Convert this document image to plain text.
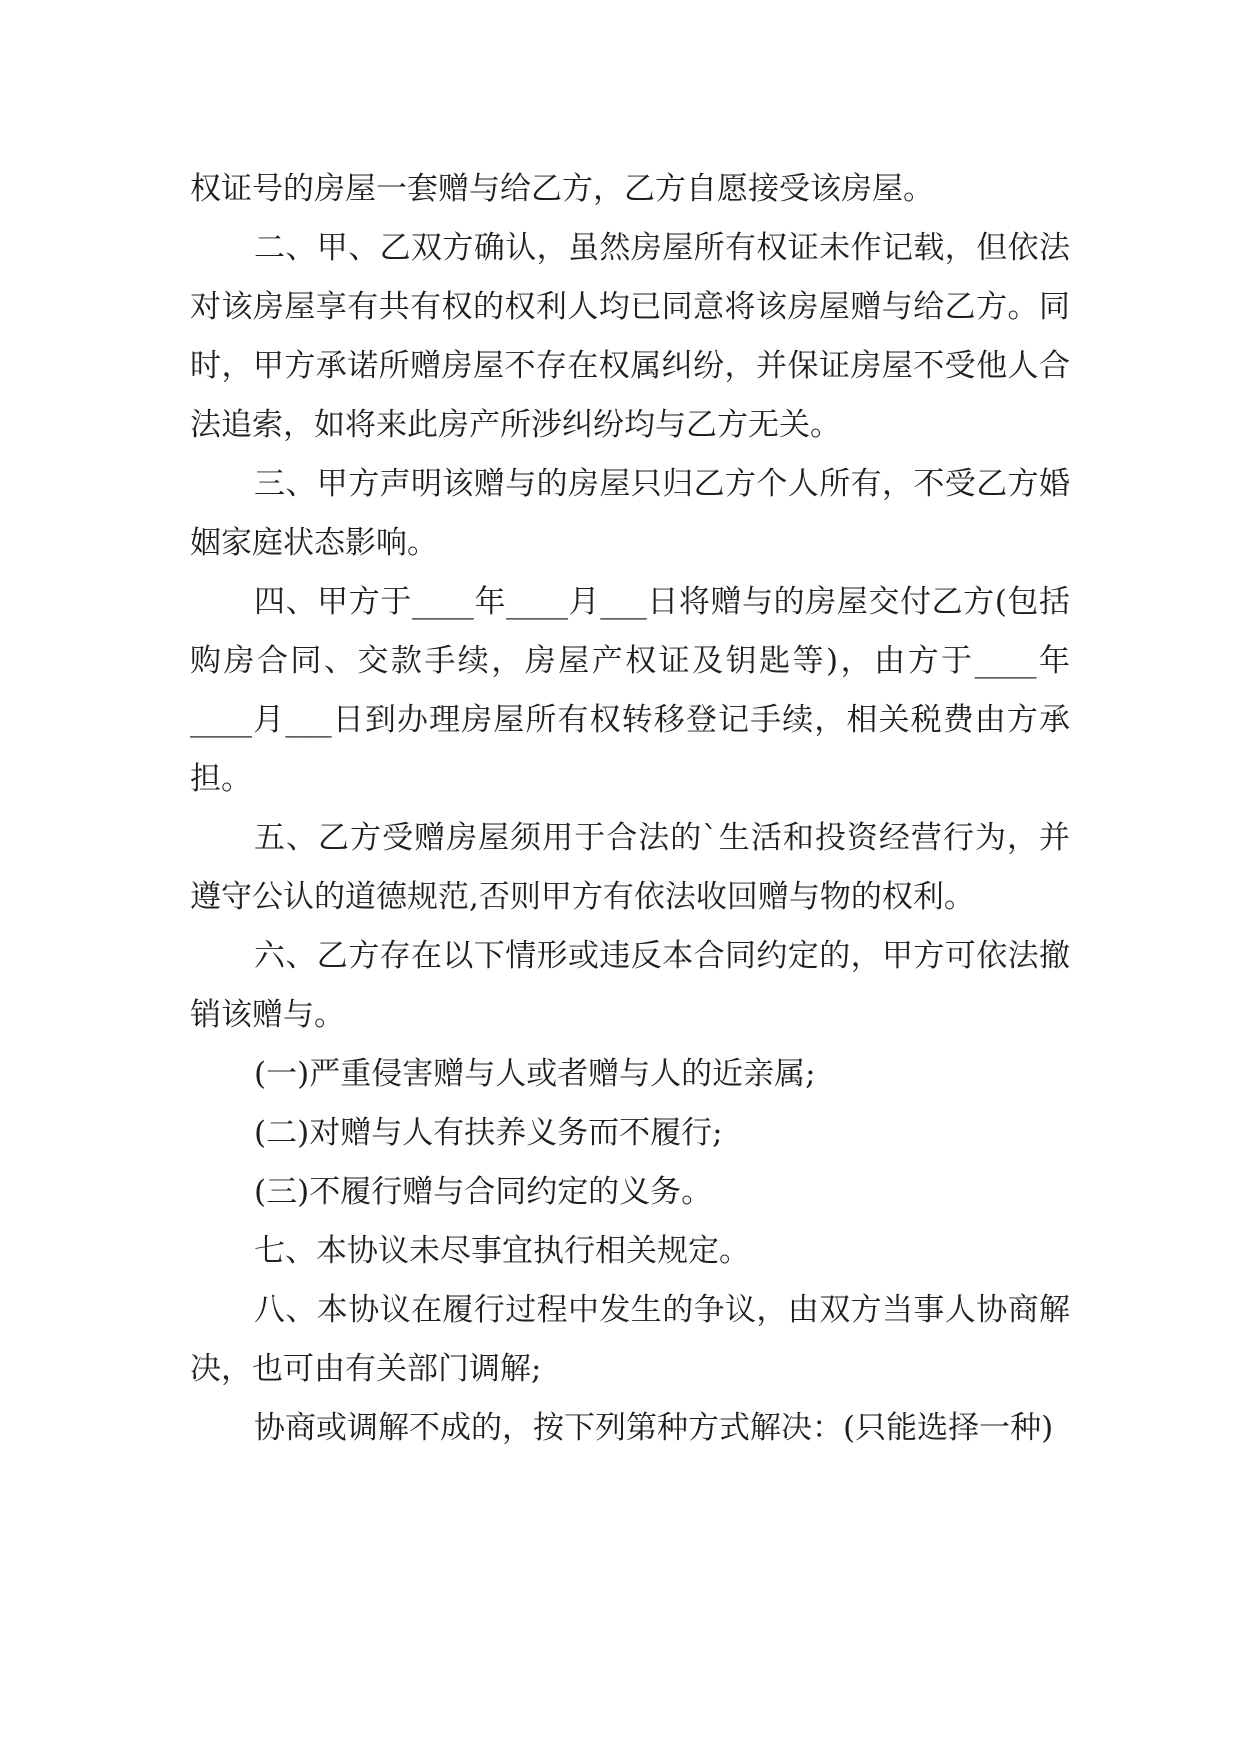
权证号的房屋一套赠与给乙方，乙方自愿接受该房屋。

二、甲、乙双方确认，虽然房屋所有权证未作记载，但依法对该房屋享有共有权的权利人均已同意将该房屋赠与给乙方。同时，甲方承诺所赠房屋不存在权属纠纷，并保证房屋不受他人合法追索，如将来此房产所涉纠纷均与乙方无关。

三、甲方声明该赠与的房屋只归乙方个人所有，不受乙方婚姻家庭状态影响。

四、甲方于____年____月___日将赠与的房屋交付乙方(包括购房合同、交款手续，房屋产权证及钥匙等)，由方于____年____月___日到办理房屋所有权转移登记手续，相关税费由方承担。

五、乙方受赠房屋须用于合法的`生活和投资经营行为，并遵守公认的道德规范,否则甲方有依法收回赠与物的权利。

六、乙方存在以下情形或违反本合同约定的，甲方可依法撤销该赠与。

(一)严重侵害赠与人或者赠与人的近亲属;

(二)对赠与人有扶养义务而不履行;

(三)不履行赠与合同约定的义务。

七、本协议未尽事宜执行相关规定。

八、本协议在履行过程中发生的争议，由双方当事人协商解决，也可由有关部门调解;

协商或调解不成的，按下列第种方式解决：(只能选择一种)
